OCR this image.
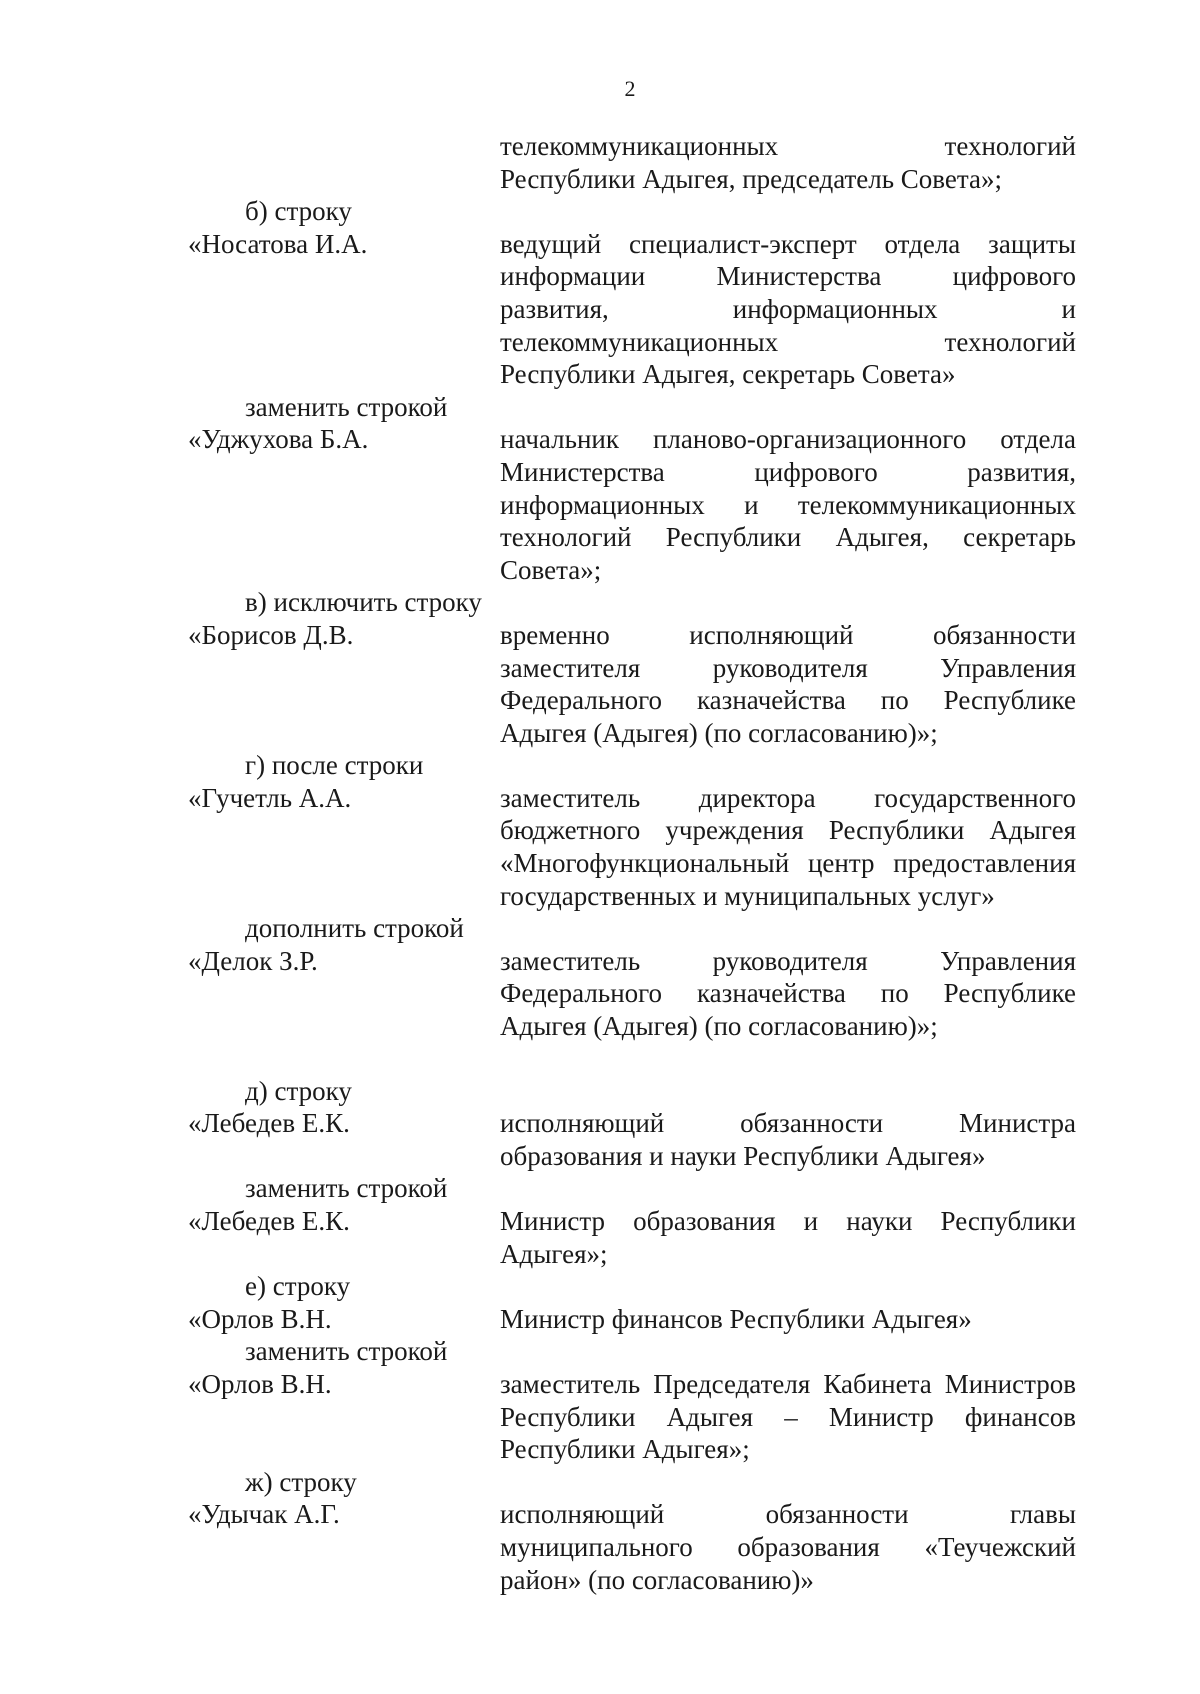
2
телекоммуникационных технологий
Республики Адыгея, председатель Совета»;
б) строку
«Носатова И.А.	ведущий специалист-эксперт отдела защиты
информации Министерства цифрового
развития, информационных и
телекоммуникационных технологий
Республики Адыгея, секретарь Совета»
заменить строкой
«Уджухова Б.А.	начальник планово-организационного отдела
Министерства цифрового развития,
информационных и телекоммуникационных
технологий Республики Адыгея, секретарь
Совета»;
в) исключить строку
«Борисов Д.В.	временно исполняющий обязанности
заместителя руководителя Управления
Федерального казначейства по Республике
Адыгея (Адыгея) (по согласованию)»;
г) после строки
«Гучетль А.А.	заместитель директора государственного
бюджетного учреждения Республики Адыгея
«Многофункциональный центр предоставления
государственных и муниципальных услуг»
дополнить строкой
«Делок З.Р.	заместитель руководителя Управления
Федерального казначейства по Республике
Адыгея (Адыгея) (по согласованию)»;
д) строку
«Лебедев Е.К.	исполняющий обязанности Министра
образования и науки Республики Адыгея»
заменить строкой
«Лебедев Е.К.	Министр образования и науки Республики
Адыгея»;
е) строку
«Орлов В.Н.	Министр финансов Республики Адыгея»
заменить строкой
«Орлов В.Н.	заместитель Председателя Кабинета Министров
Республики Адыгея – Министр финансов
Республики Адыгея»;
ж) строку
«Удычак А.Г.	исполняющий обязанности главы
муниципального образования «Теучежский
район» (по согласованию)»
